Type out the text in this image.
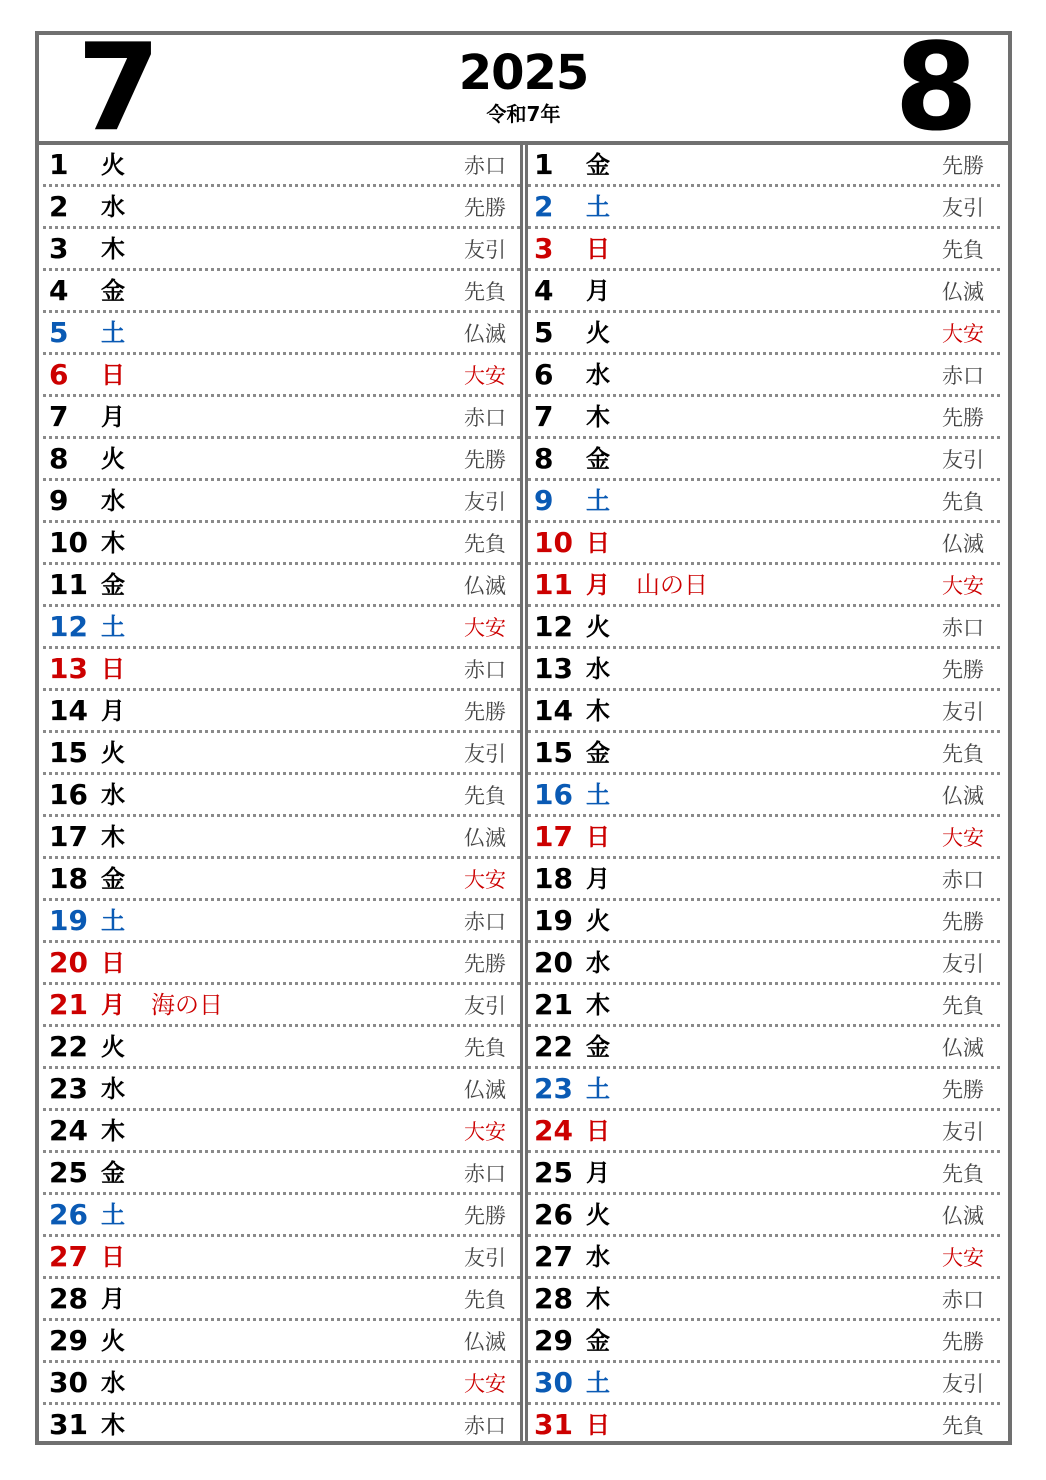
7	2025
令和7年	8
1	火	赤口
2	水	先勝
3	木	友引
4	金	先負
5	土	仏滅
6	日	大安
7	月	赤口
8	火	先勝
9	水	友引
10 木	先負
11 金	仏滅
12 土	大安
13 日	赤口
14 月	先勝
15 火	友引
16 水	先負
17 木	仏滅
18 金	大安
19 土	赤口
20 日	先勝
21 月 海の日	友引
22 火	先負
23 水	仏滅
24 木	大安
25 金	赤口
26 土	先勝
27 日	友引
28 月	先負
29 火	仏滅
30 水	大安
31 木	赤口
1	金	先勝
2	土	友引
3	日	先負
4	月	仏滅
5	火	大安
6	水	赤口
7	木	先勝
8	金	友引
9	土	先負
10 日	仏滅
11 月 山の日	大安
12 火	赤口
13 水	先勝
14 木	友引
15 金	先負
16 土	仏滅
17 日	大安
18 月	赤口
19 火	先勝
20 水	友引
21 木	先負
22 金	仏滅
23 土	先勝
24 日	友引
25 月	先負
26 火	仏滅
27 水	大安
28 木	赤口
29 金	先勝
30 土	友引
31 日	先負
